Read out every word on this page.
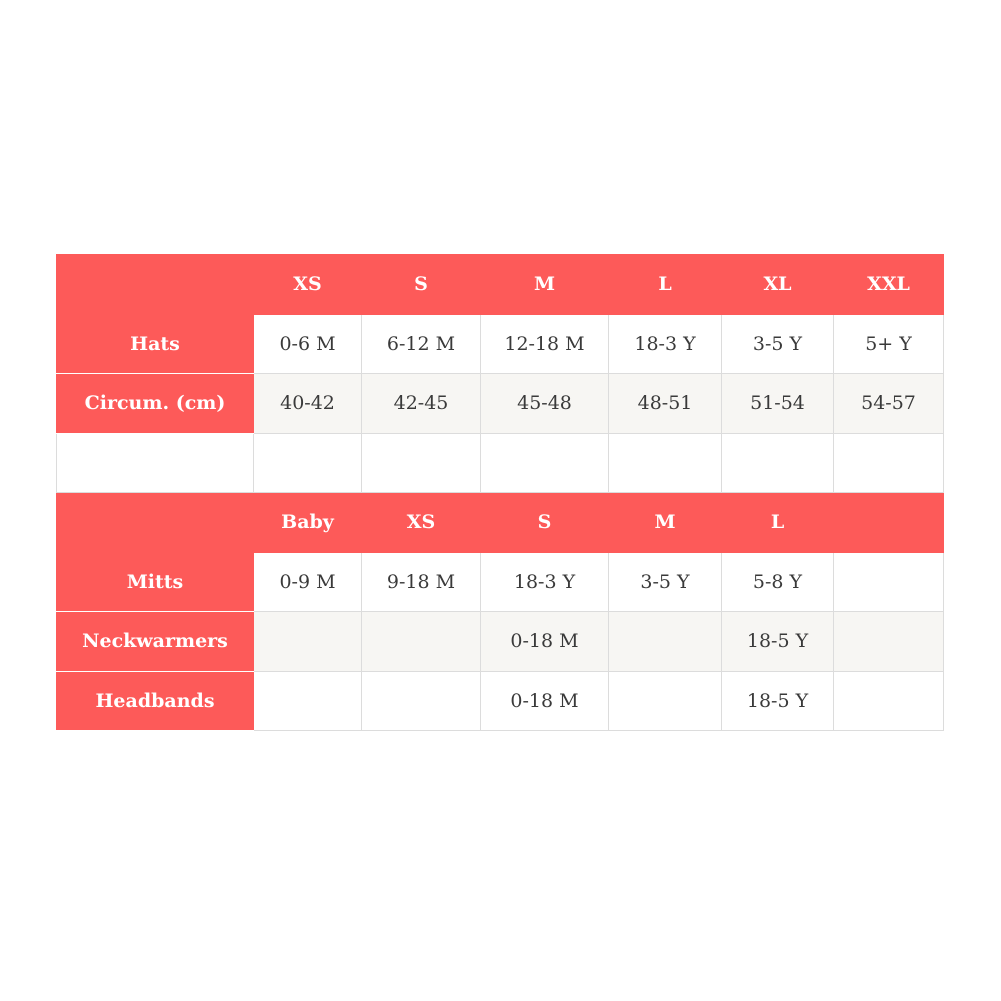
	XS	S	M	L	XL	XXL
Hats	0-6 M	6-12 M	12-18 M	18-3 Y	3-5 Y	5+ Y
Circum. (cm)	40-42	42-45	45-48	48-51	51-54	54-57

	Baby	XS	S	M	L	
Mitts	0-9 M	9-18 M	18-3 Y	3-5 Y	5-8 Y	
Neckwarmers			0-18 M		18-5 Y	
Headbands			0-18 M		18-5 Y	
